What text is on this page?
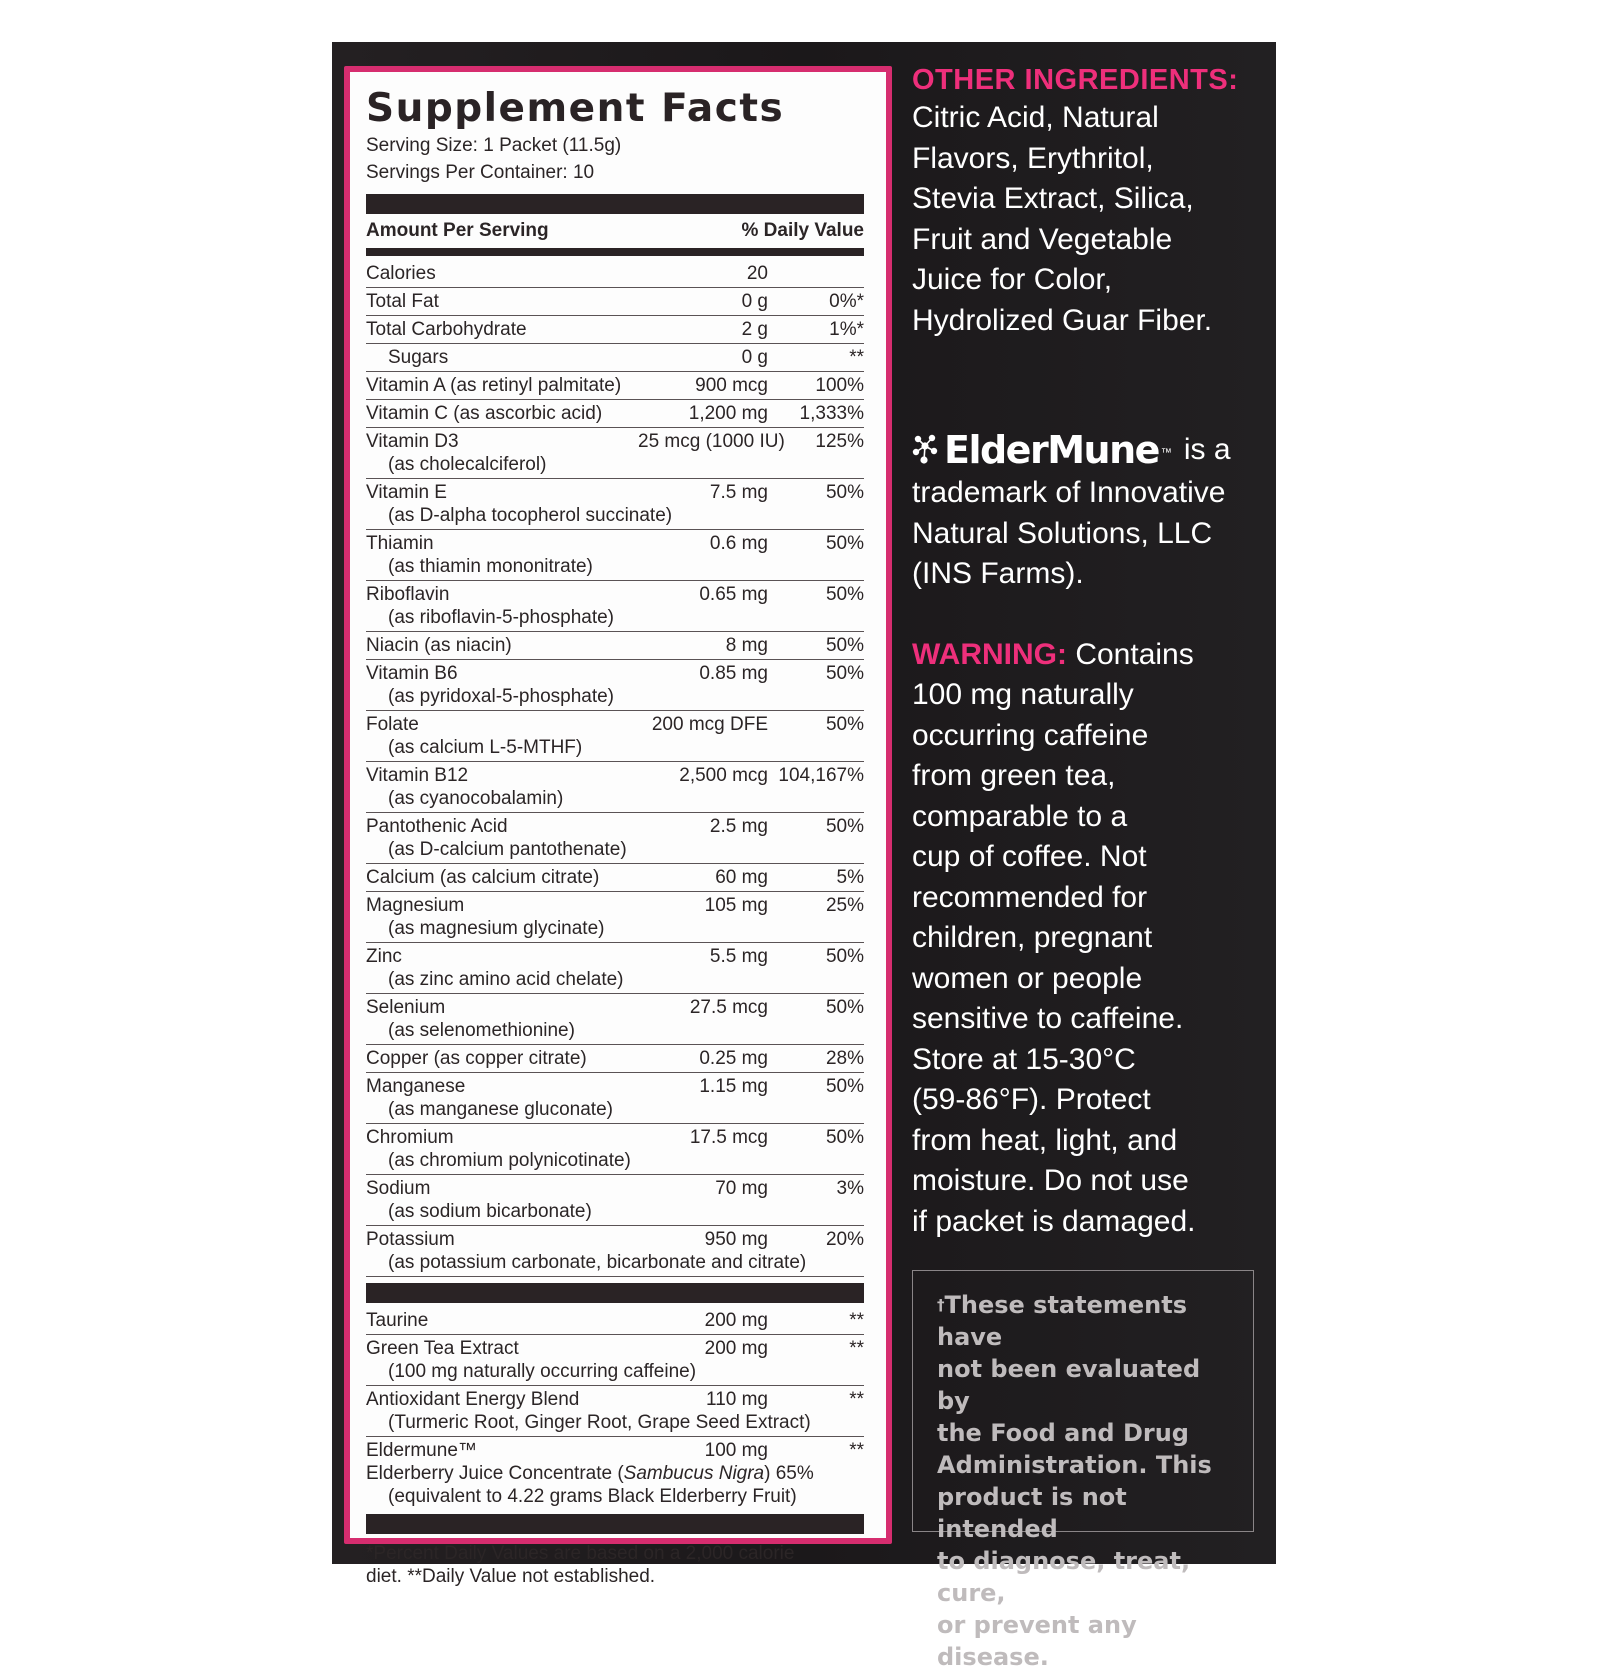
Supplement Facts
Serving Size: 1 Packet (11.5g)
Servings Per Container: 10
Amount Per Serving	% Daily Value
Calories	20
Total Fat	0 g	0%*
Total Carbohydrate	2 g	1%*
Sugars	0 g	**
Vitamin A (as retinyl palmitate)	900 mcg	100%
Vitamin C (as ascorbic acid)	1,200 mg	1,333%
Vitamin D3	25 mcg (1000 IU)	125%
(as cholecalciferol)
Vitamin E	7.5 mg	50%
(as D-alpha tocopherol succinate)
Thiamin	0.6 mg	50%
(as thiamin mononitrate)
Riboflavin	0.65 mg	50%
(as riboflavin-5-phosphate)
Niacin (as niacin)	8 mg	50%
Vitamin B6	0.85 mg	50%
(as pyridoxal-5-phosphate)
Folate	200 mcg DFE	50%
(as calcium L-5-MTHF)
Vitamin B12	2,500 mcg 104,167%
(as cyanocobalamin)
Pantothenic Acid	2.5 mg	50%
(as D-calcium pantothenate)
Calcium (as calcium citrate)	60 mg	5%
Magnesium	105 mg	25%
(as magnesium glycinate)
Zinc	5.5 mg	50%
(as zinc amino acid chelate)
Selenium	27.5 mcg	50%
(as selenomethionine)
Copper (as copper citrate)	0.25 mg	28%
Manganese	1.15 mg	50%
(as manganese gluconate)
Chromium	17.5 mcg	50%
(as chromium polynicotinate)
Sodium	70 mg	3%
(as sodium bicarbonate)
Potassium	950 mg	20%
(as potassium carbonate, bicarbonate and citrate)
Taurine	200 mg	**
Green Tea Extract	200 mg	**
(100 mg naturally occurring caffeine)
Antioxidant Energy Blend	110 mg	**
(Turmeric Root, Ginger Root, Grape Seed Extract)
Eldermune™	100 mg	**
Elderberry Juice Concentrate (Sambucus Nigra) 65%
(equivalent to 4.22 grams Black Elderberry Fruit)
*Percent Daily Values are based on a 2,000 calorie
diet. **Daily Value not established.
OTHER INGREDIENTS:
Citric Acid, Natural
Flavors, Erythritol,
Stevia Extract, Silica,
Fruit and Vegetable
Juice for Color,
Hydrolized Guar Fiber.
ElderMune ™ is a
trademark of Innovative
Natural Solutions, LLC
(INS Farms).
WARNING: Contains
100 mg naturally
occurring caffeine
from green tea,
comparable to a
cup of coffee. Not
recommended for
children, pregnant
women or people
sensitive to caffeine.
Store at 15-30°C
(59-86°F). Protect
from heat, light, and
moisture. Do not use
if packet is damaged.
†These statements have
not been evaluated by
the Food and Drug
Administration. This
product is not intended
to diagnose, treat, cure,
or prevent any disease.
